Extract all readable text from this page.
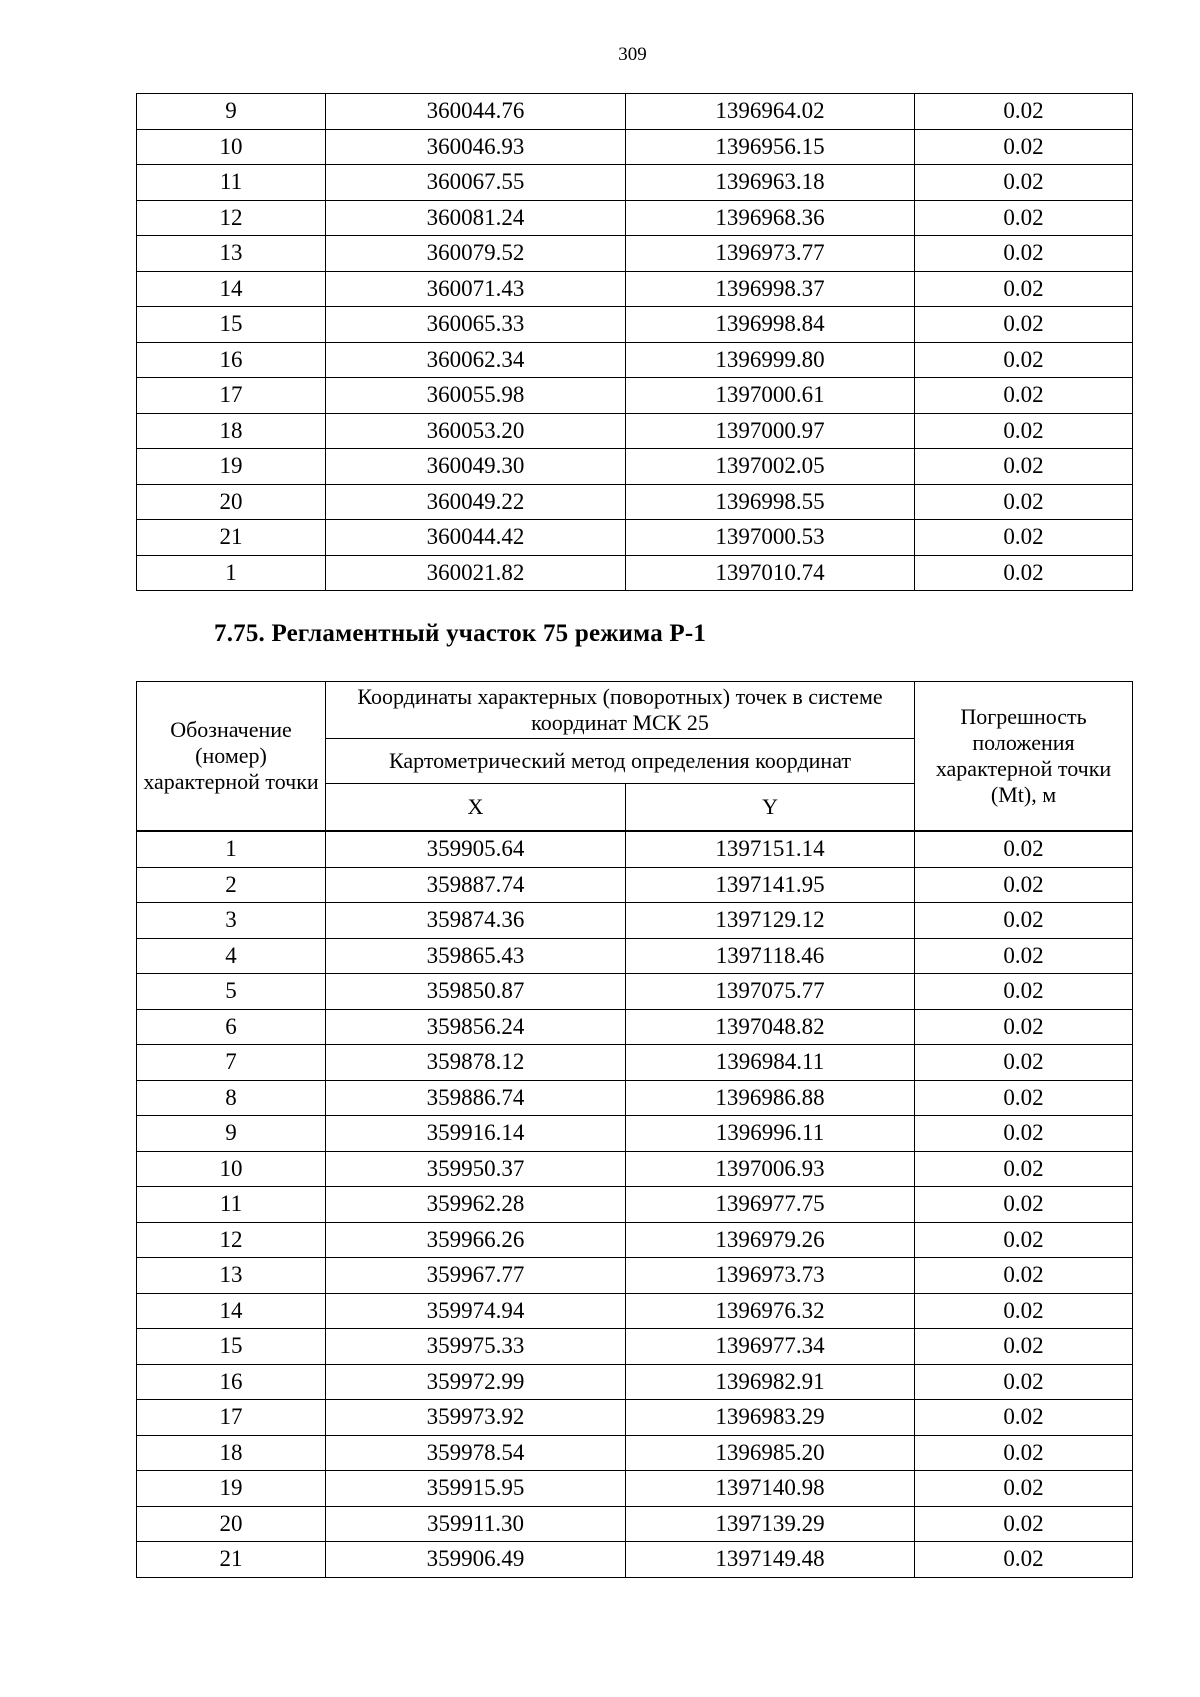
309
9	360044.76	1396964.02	0.02
10	360046.93	1396956.15	0.02
11	360067.55	1396963.18	0.02
12	360081.24	1396968.36	0.02
13	360079.52	1396973.77	0.02
14	360071.43	1396998.37	0.02
15	360065.33	1396998.84	0.02
16	360062.34	1396999.80	0.02
17	360055.98	1397000.61	0.02
18	360053.20	1397000.97	0.02
19	360049.30	1397002.05	0.02
20	360049.22	1396998.55	0.02
21	360044.42	1397000.53	0.02
1	360021.82	1397010.74	0.02
7.75. Регламентный участок 75 режима Р-1
Обозначение (номер) характерной точки	Координаты характерных (поворотных) точек в системе координат МСК 25		Погрешность положения характерной точки (Mt), м
	Картометрический метод определения координат		
	X	Y	
1	359905.64	1397151.14	0.02
2	359887.74	1397141.95	0.02
3	359874.36	1397129.12	0.02
4	359865.43	1397118.46	0.02
5	359850.87	1397075.77	0.02
6	359856.24	1397048.82	0.02
7	359878.12	1396984.11	0.02
8	359886.74	1396986.88	0.02
9	359916.14	1396996.11	0.02
10	359950.37	1397006.93	0.02
11	359962.28	1396977.75	0.02
12	359966.26	1396979.26	0.02
13	359967.77	1396973.73	0.02
14	359974.94	1396976.32	0.02
15	359975.33	1396977.34	0.02
16	359972.99	1396982.91	0.02
17	359973.92	1396983.29	0.02
18	359978.54	1396985.20	0.02
19	359915.95	1397140.98	0.02
20	359911.30	1397139.29	0.02
21	359906.49	1397149.48	0.02
